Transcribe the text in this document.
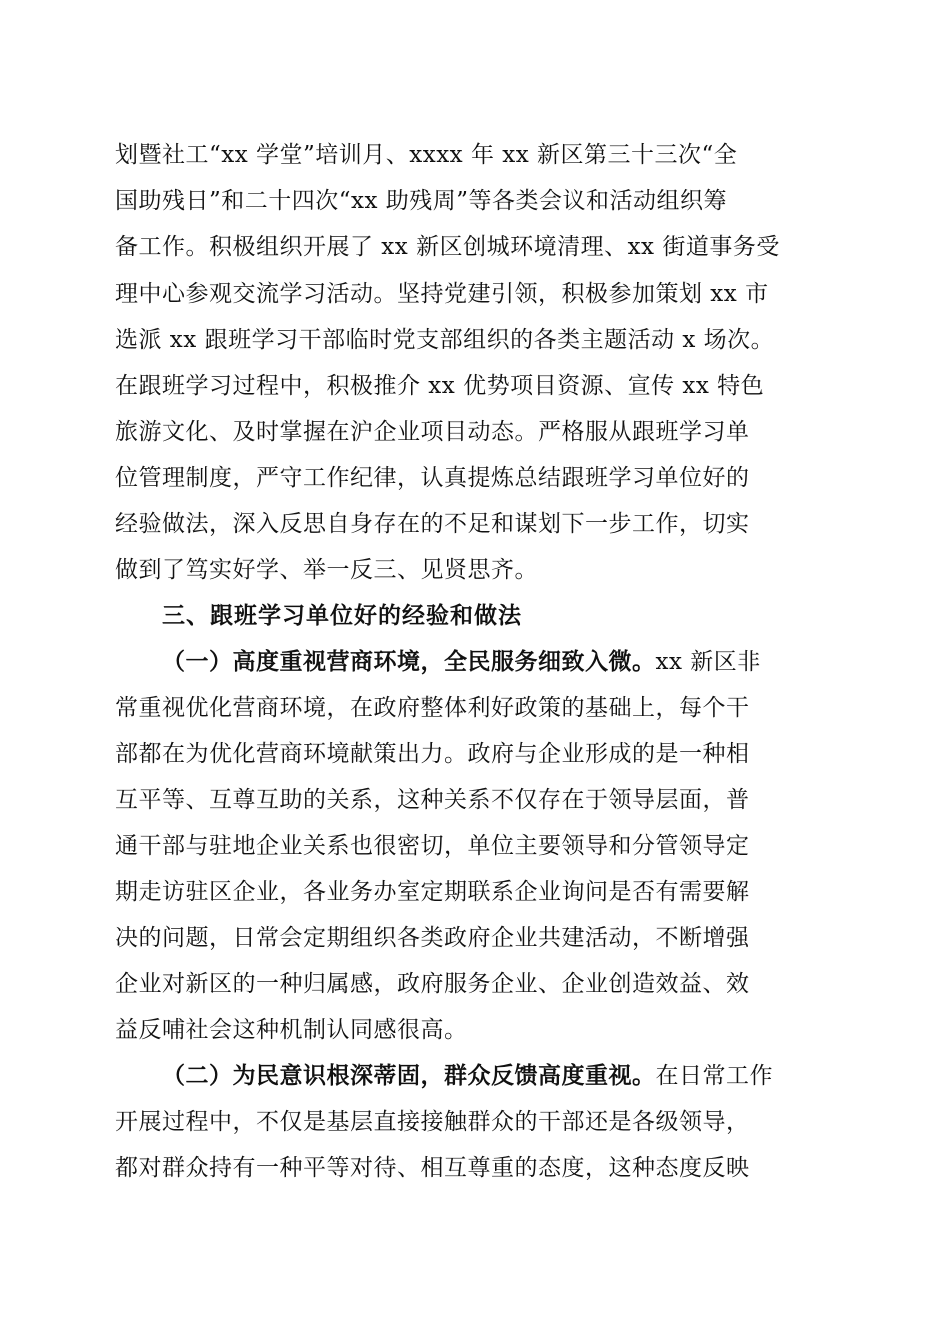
划暨社工“xx 学堂”培训月、xxxx 年 xx 新区第三十三次“全
国助残日”和二十四次“xx 助残周”等各类会议和活动组织筹
备工作。积极组织开展了 xx 新区创城环境清理、xx 街道事务受
理中心参观交流学习活动。坚持党建引领，积极参加策划 xx 市
选派 xx 跟班学习干部临时党支部组织的各类主题活动 x 场次。
在跟班学习过程中，积极推介 xx 优势项目资源、宣传 xx 特色
旅游文化、及时掌握在沪企业项目动态。严格服从跟班学习单
位管理制度，严守工作纪律，认真提炼总结跟班学习单位好的
经验做法，深入反思自身存在的不足和谋划下一步工作，切实
做到了笃实好学、举一反三、见贤思齐。
三、跟班学习单位好的经验和做法
（一）高度重视营商环境，全民服务细致入微。xx 新区非
常重视优化营商环境，在政府整体利好政策的基础上，每个干
部都在为优化营商环境献策出力。政府与企业形成的是一种相
互平等、互尊互助的关系，这种关系不仅存在于领导层面，普
通干部与驻地企业关系也很密切，单位主要领导和分管领导定
期走访驻区企业，各业务办室定期联系企业询问是否有需要解
决的问题，日常会定期组织各类政府企业共建活动，不断增强
企业对新区的一种归属感，政府服务企业、企业创造效益、效
益反哺社会这种机制认同感很高。
（二）为民意识根深蒂固，群众反馈高度重视。在日常工作
开展过程中，不仅是基层直接接触群众的干部还是各级领导，
都对群众持有一种平等对待、相互尊重的态度，这种态度反映
